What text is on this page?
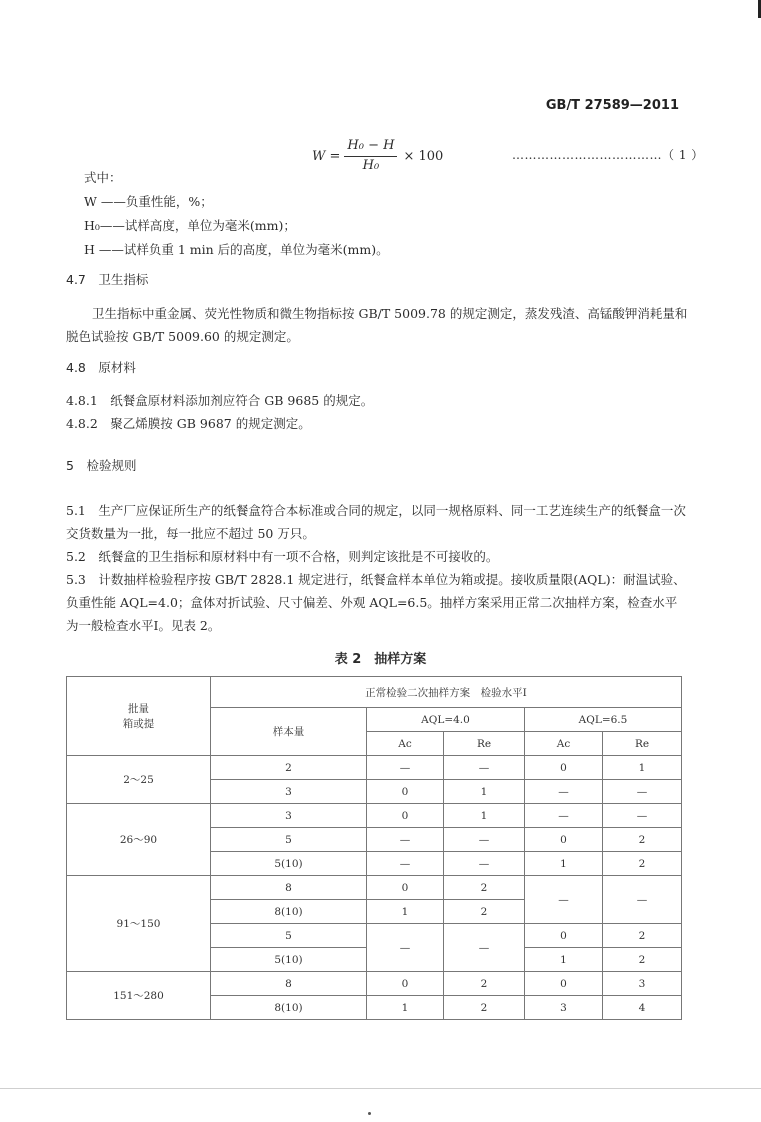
GB/T 27589—2011
$W = \frac{\text{H₀ − H}}{\text{H₀}} \times 100$	………………………………（ 1 ）
式中：
W ——负重性能，%；
H₀——试样高度，单位为毫米(mm)；
H ——试样负重 1 min 后的高度，单位为毫米(mm)。
4.7　卫生指标
卫生指标中重金属、荧光性物质和微生物指标按 GB/T 5009.78 的规定测定，蒸发残渣、高锰酸钾消耗量和脱色试验按 GB/T 5009.60 的规定测定。
4.8　原材料
4.8.1　纸餐盒原材料添加剂应符合 GB 9685 的规定。
4.8.2　聚乙烯膜按 GB 9687 的规定测定。
5　检验规则
5.1　生产厂应保证所生产的纸餐盒符合本标准或合同的规定，以同一规格原料、同一工艺连续生产的纸餐盒一次交货数量为一批，每一批应不超过 50 万只。
5.2　纸餐盒的卫生指标和原材料中有一项不合格，则判定该批是不可接收的。
5.3　计数抽样检验程序按 GB/T 2828.1 规定进行，纸餐盒样本单位为箱或提。接收质量限(AQL)：耐温试验、负重性能 AQL=4.0；盒体对折试验、尺寸偏差、外观 AQL=6.5。抽样方案采用正常二次抽样方案，检查水平为一般检查水平Ⅰ。见表 2。
表 2　抽样方案
批量
箱或提	正常检验二次抽样方案　检验水平Ⅰ				
	样本量	AQL=4.0		AQL=6.5	
		Ac	Re	Ac	Re
2～25	2	—	—	0	1
	3	0	1	—	—
26～90	3	0	1	—	—
	5	—	—	0	2
	5(10)	—	—	1	2
91～150	8	0	2	—	—
	8(10)	1	2		
	5	—	—	0	2
	5(10)			1	2
151～280	8	0	2	0	3
	8(10)	1	2	3	4
